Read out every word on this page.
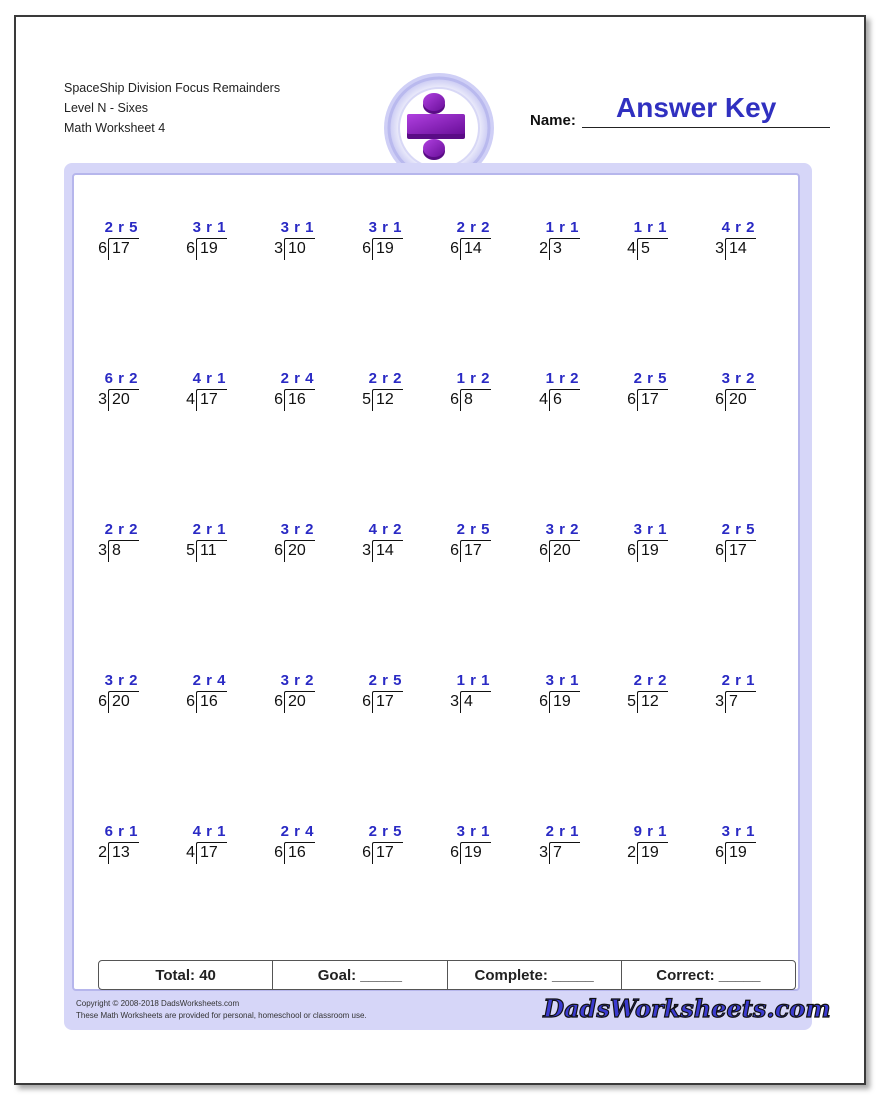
SpaceShip Division Focus Remainders
Level N - Sixes
Math Worksheet 4	Name: Answer Key
2 r 5
6 17
3 r 1
6 19
3 r 1
3 10
3 r 1
6 19
2 r 2
6 14
1 r 1
2 3
1 r 1
4 5
4 r 2
3 14
6 r 2
3 20
4 r 1
4 17
2 r 4
6 16
2 r 2
5 12
1 r 2
6 8
1 r 2
4 6
2 r 5
6 17
3 r 2
6 20
2 r 2
3 8
2 r 1
5 11
3 r 2
6 20
4 r 2
3 14
2 r 5
6 17
3 r 2
6 20
3 r 1
6 19
2 r 5
6 17
3 r 2
6 20
2 r 4
6 16
3 r 2
6 20
2 r 5
6 17
1 r 1
3 4
3 r 1
6 19
2 r 2
5 12
2 r 1
3 7
6 r 1
2 13
4 r 1
4 17
2 r 4
6 16
2 r 5
6 17
3 r 1
6 19
2 r 1
3 7
9 r 1
2 19
3 r 1
6 19
Total: 40	Goal: _____	Complete: _____	Correct: _____
Copyright © 2008-2018 DadsWorksheets.com
These Math Worksheets are provided for personal, homeschool or classroom use.	DadsWorksheets.com
